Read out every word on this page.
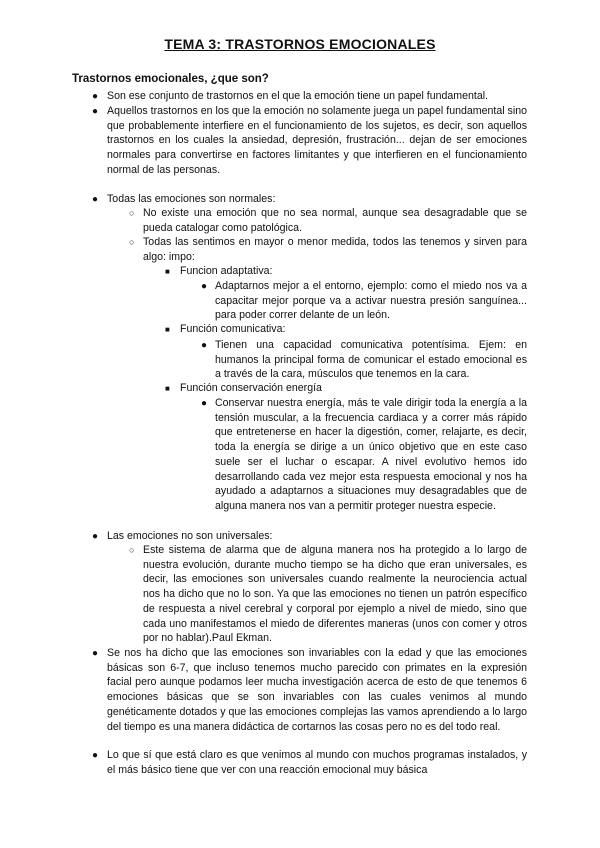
TEMA 3: TRASTORNOS EMOCIONALES
Trastornos emocionales, ¿que son?
● Son ese conjunto de trastornos en el que la emoción tiene un papel fundamental.
● Aquellos trastornos en los que la emoción no solamente juega un papel fundamental sino que probablemente interfiere en el funcionamiento de los sujetos, es decir, son aquellos trastornos en los cuales la ansiedad, depresión, frustración... dejan de ser emociones normales para convertirse en factores limitantes y que interfieren en el funcionamiento normal de las personas.
● Todas las emociones son normales:
○ No existe una emoción que no sea normal, aunque sea desagradable que se pueda catalogar como patológica.
○ Todas las sentimos en mayor o menor medida, todos las tenemos y sirven para algo: impo:
■ Funcion adaptativa:
● Adaptarnos mejor a el entorno, ejemplo: como el miedo nos va a capacitar mejor porque va a activar nuestra presión sanguínea... para poder correr delante de un león.
■ Función comunicativa:
● Tienen una capacidad comunicativa potentísima. Ejem: en humanos la principal forma de comunicar el estado emocional es a través de la cara, músculos que tenemos en la cara.
■ Función conservación energía
● Conservar nuestra energía, más te vale dirigir toda la energía a la tensión muscular, a la frecuencia cardiaca y a correr más rápido que entretenerse en hacer la digestión, comer, relajarte, es decir, toda la energía se dirige a un único objetivo que en este caso suele ser el luchar o escapar. A nivel evolutivo hemos ido desarrollando cada vez mejor esta respuesta emocional y nos ha ayudado a adaptarnos a situaciones muy desagradables que de alguna manera nos van a permitir proteger nuestra especie.
● Las emociones no son universales:
○ Este sistema de alarma que de alguna manera nos ha protegido a lo largo de nuestra evolución, durante mucho tiempo se ha dicho que eran universales, es decir, las emociones son universales cuando realmente la neurociencia actual nos ha dicho que no lo son. Ya que las emociones no tienen un patrón específico de respuesta a nivel cerebral y corporal por ejemplo a nivel de miedo, sino que cada uno manifestamos el miedo de diferentes maneras (unos con comer y otros por no hablar).Paul Ekman.
● Se nos ha dicho que las emociones son invariables con la edad y que las emociones básicas son 6-7, que incluso tenemos mucho parecido con primates en la expresión facial pero aunque podamos leer mucha investigación acerca de esto de que tenemos 6 emociones básicas que se son invariables con las cuales venimos al mundo genéticamente dotados y que las emociones complejas las vamos aprendiendo a lo largo del tiempo es una manera didáctica de cortarnos las cosas pero no es del todo real.
● Lo que sí que está claro es que venimos al mundo con muchos programas instalados, y el más básico tiene que ver con una reacción emocional muy básica
